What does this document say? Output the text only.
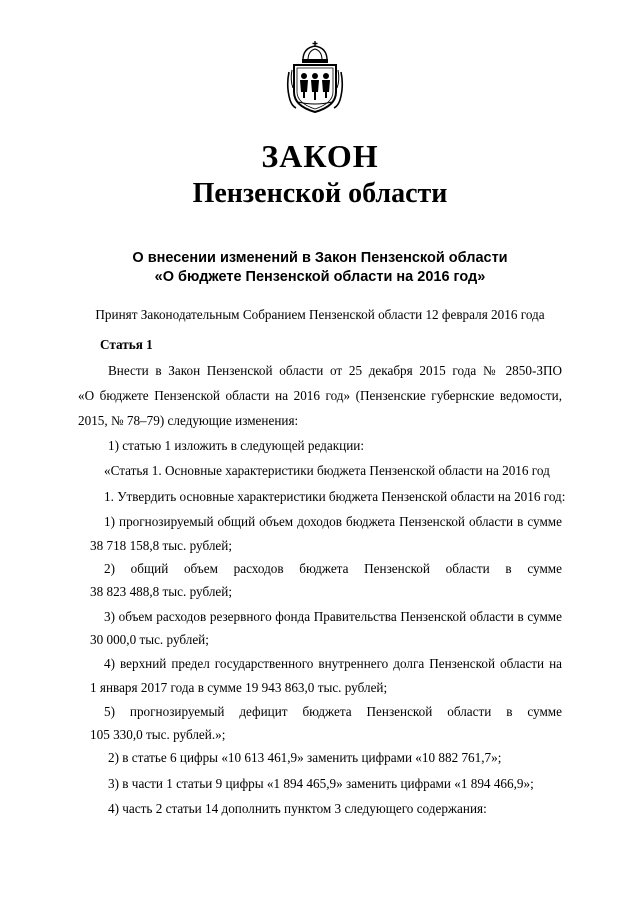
ЗАКОН
Пензенской области
О внесении изменений в Закон Пензенской области
«О бюджете Пензенской области на 2016 год»
Принят Законодательным Собранием Пензенской области 12 февраля 2016 года
Статья 1
Внести в Закон Пензенской области от 25 декабря 2015 года № 2850-ЗПО
«О бюджете Пензенской области на 2016 год» (Пензенские губернские ведомости,
2015, № 78–79) следующие изменения:
1) статью 1 изложить в следующей редакции:
«Статья 1. Основные характеристики бюджета Пензенской области на 2016 год
1. Утвердить основные характеристики бюджета Пензенской области на 2016 год:
1) прогнозируемый общий объем доходов бюджета Пензенской области в сумме
38 718 158,8 тыс. рублей;
2) общий объем расходов бюджета Пензенской области в сумме
38 823 488,8 тыс. рублей;
3) объем расходов резервного фонда Правительства Пензенской области в сумме
30 000,0 тыс. рублей;
4) верхний предел государственного внутреннего долга Пензенской области на
1 января 2017 года в сумме 19 943 863,0 тыс. рублей;
5) прогнозируемый дефицит бюджета Пензенской области в сумме
105 330,0 тыс. рублей.»;
2) в статье 6 цифры «10 613 461,9» заменить цифрами «10 882 761,7»;
3) в части 1 статьи 9 цифры «1 894 465,9» заменить цифрами «1 894 466,9»;
4) часть 2 статьи 14 дополнить пунктом 3 следующего содержания:
